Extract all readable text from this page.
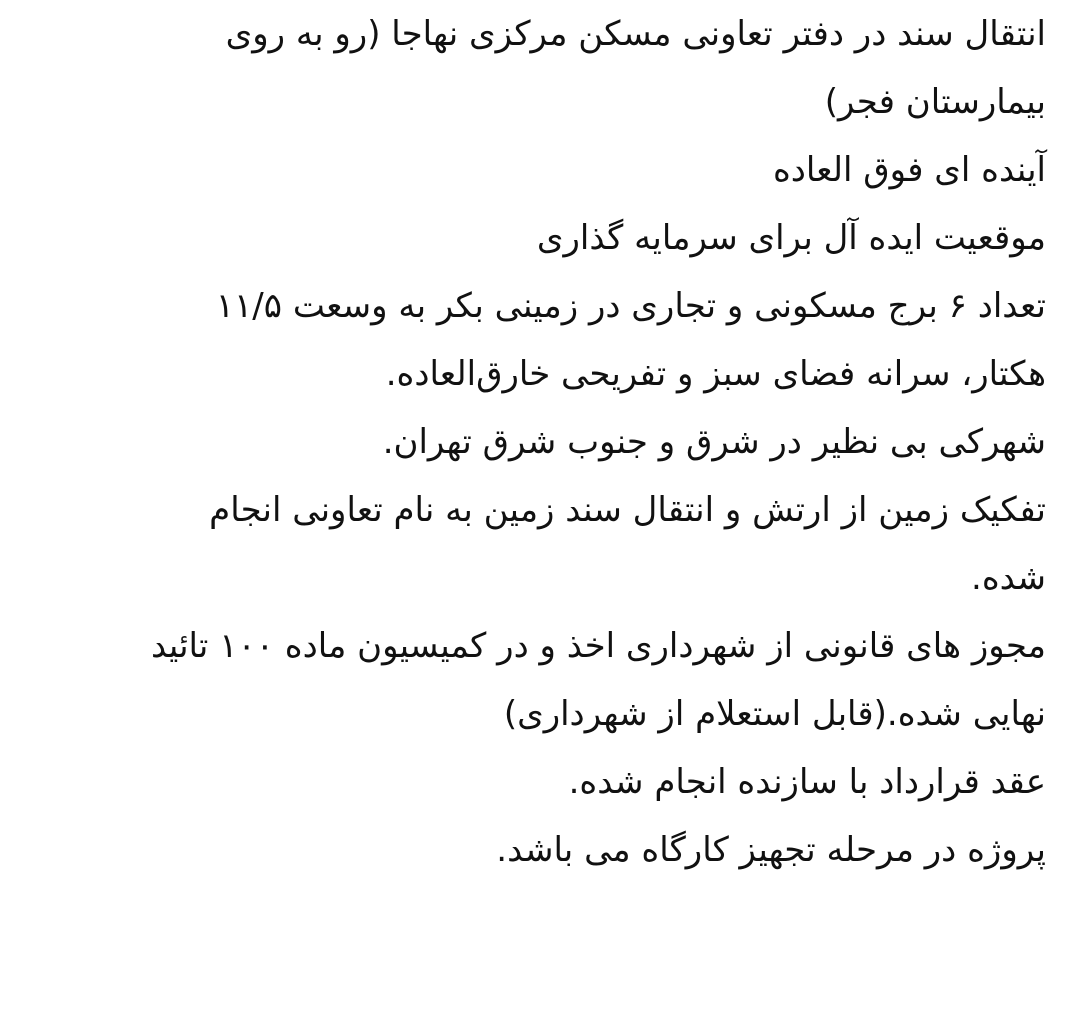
انتقال سند در دفتر تعاونی مسکن مرکزی نهاجا (رو به روی
بیمارستان فجر)
آینده ای فوق العاده
موقعیت ایده آل برای سرمایه گذاری
تعداد ۶ برج مسکونی و تجاری در زمینی بکر به وسعت ۱۱/۵
هکتار، سرانه فضای سبز و تفریحی خارق‌العاده.
شهرکی بی نظیر در شرق و جنوب شرق تهران.
تفکیک زمین از ارتش و انتقال سند زمین به نام تعاونی انجام
شده.
مجوز های قانونی از شهرداری اخذ و در کمیسیون ماده ۱۰۰ تائید
نهایی شده.(قابل استعلام از شهرداری)
عقد قرارداد با سازنده انجام شده.
پروژه در مرحله تجهیز کارگاه می باشد.
